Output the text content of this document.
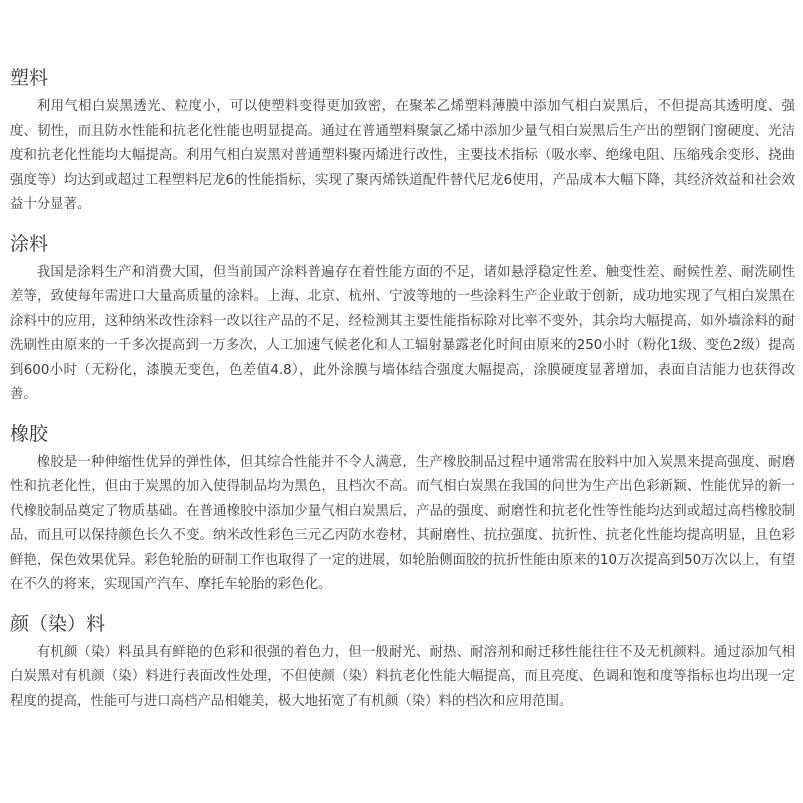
塑料

利用气相白炭黑透光、粒度小，可以使塑料变得更加致密，在聚苯乙烯塑料薄膜中添加气相白炭黑后，不但提高其透明度、强度、韧性，而且防水性能和抗老化性能也明显提高。通过在普通塑料聚氯乙烯中添加少量气相白炭黑后生产出的塑钢门窗硬度、光洁度和抗老化性能均大幅提高。利用气相白炭黑对普通塑料聚丙烯进行改性，主要技术指标（吸水率、绝缘电阻、压缩残余变形、挠曲强度等）均达到或超过工程塑料尼龙6的性能指标，实现了聚丙烯铁道配件替代尼龙6使用，产品成本大幅下降，其经济效益和社会效益十分显著。

涂料

我国是涂料生产和消费大国，但当前国产涂料普遍存在着性能方面的不足，诸如悬浮稳定性差、触变性差、耐候性差、耐洗刷性差等，致使每年需进口大量高质量的涂料。上海、北京、杭州、宁波等地的一些涂料生产企业敢于创新，成功地实现了气相白炭黑在涂料中的应用，这种纳米改性涂料一改以往产品的不足，经检测其主要性能指标除对比率不变外，其余均大幅提高，如外墙涂料的耐洗刷性由原来的一千多次提高到一万多次，人工加速气候老化和人工辐射暴露老化时间由原来的250小时（粉化1级、变色2级）提高到600小时（无粉化，漆膜无变色，色差值4.8），此外涂膜与墙体结合强度大幅提高，涂膜硬度显著增加，表面自洁能力也获得改善。

橡胶

橡胶是一种伸缩性优异的弹性体，但其综合性能并不令人满意，生产橡胶制品过程中通常需在胶料中加入炭黑来提高强度、耐磨性和抗老化性，但由于炭黑的加入使得制品均为黑色，且档次不高。而气相白炭黑在我国的问世为生产出色彩新颖、性能优异的新一代橡胶制品奠定了物质基础。在普通橡胶中添加少量气相白炭黑后，产品的强度、耐磨性和抗老化性等性能均达到或超过高档橡胶制品，而且可以保持颜色长久不变。纳米改性彩色三元乙丙防水卷材，其耐磨性、抗拉强度、抗折性、抗老化性能均提高明显，且色彩鲜艳，保色效果优异。彩色轮胎的研制工作也取得了一定的进展，如轮胎侧面胶的抗折性能由原来的10万次提高到50万次以上，有望在不久的将来，实现国产汽车、摩托车轮胎的彩色化。

颜（染）料

有机颜（染）料虽具有鲜艳的色彩和很强的着色力，但一般耐光、耐热、耐溶剂和耐迁移性能往往不及无机颜料。通过添加气相白炭黑对有机颜（染）料进行表面改性处理，不但使颜（染）料抗老化性能大幅提高，而且亮度、色调和饱和度等指标也均出现一定程度的提高，性能可与进口高档产品相媲美，极大地拓宽了有机颜（染）料的档次和应用范围。
